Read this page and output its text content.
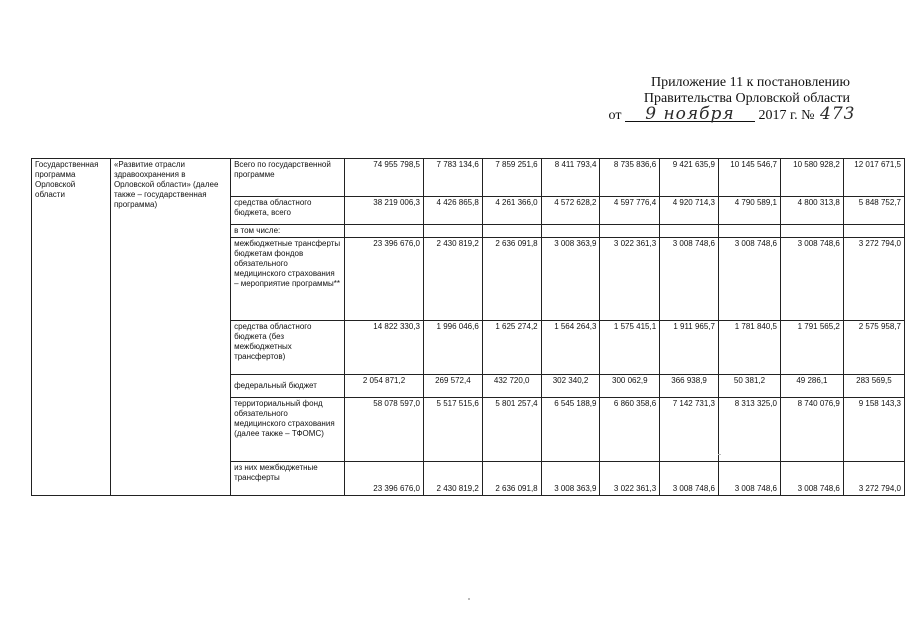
Приложение 11 к постановлению
Правительства Орловской области
от 9 ноября 2017 г. № 473
Государственная программа Орловской области	«Развитие отрасли здравоохранения в Орловской области» (далее также – государственная программа)	Всего по государственной программе	74 955 798,5	7 783 134,6	7 859 251,6	8 411 793,4	8 735 836,6	9 421 635,9	10 145 546,7	10 580 928,2	12 017 671,5
		средства областного бюджета, всего	38 219 006,3	4 426 865,8	4 261 366,0	4 572 628,2	4 597 776,4	4 920 714,3	4 790 589,1	4 800 313,8	5 848 752,7
		в том числе:									
		межбюджетные трансферты бюджетам фондов обязательного медицинского страхования – мероприятие программы**	23 396 676,0	2 430 819,2	2 636 091,8	3 008 363,9	3 022 361,3	3 008 748,6	3 008 748,6	3 008 748,6	3 272 794,0
		средства областного бюджета (без межбюджетных трансфертов)	14 822 330,3	1 996 046,6	1 625 274,2	1 564 264,3	1 575 415,1	1 911 965,7	1 781 840,5	1 791 565,2	2 575 958,7
		федеральный бюджет	2 054 871,2	269 572,4	432 720,0	302 340,2	300 062,9	366 938,9	50 381,2	49 286,1	283 569,5
		территориальный фонд обязательного медицинского страхования (далее также – ТФОМС)	58 078 597,0	5 517 515,6	5 801 257,4	6 545 188,9	6 860 358,6	7 142 731,3	8 313 325,0	8 740 076,9	9 158 143,3
		из них межбюджетные трансферты	23 396 676,0	2 430 819,2	2 636 091,8	3 008 363,9	3 022 361,3	3 008 748,6	3 008 748,6	3 008 748,6	3 272 794,0
